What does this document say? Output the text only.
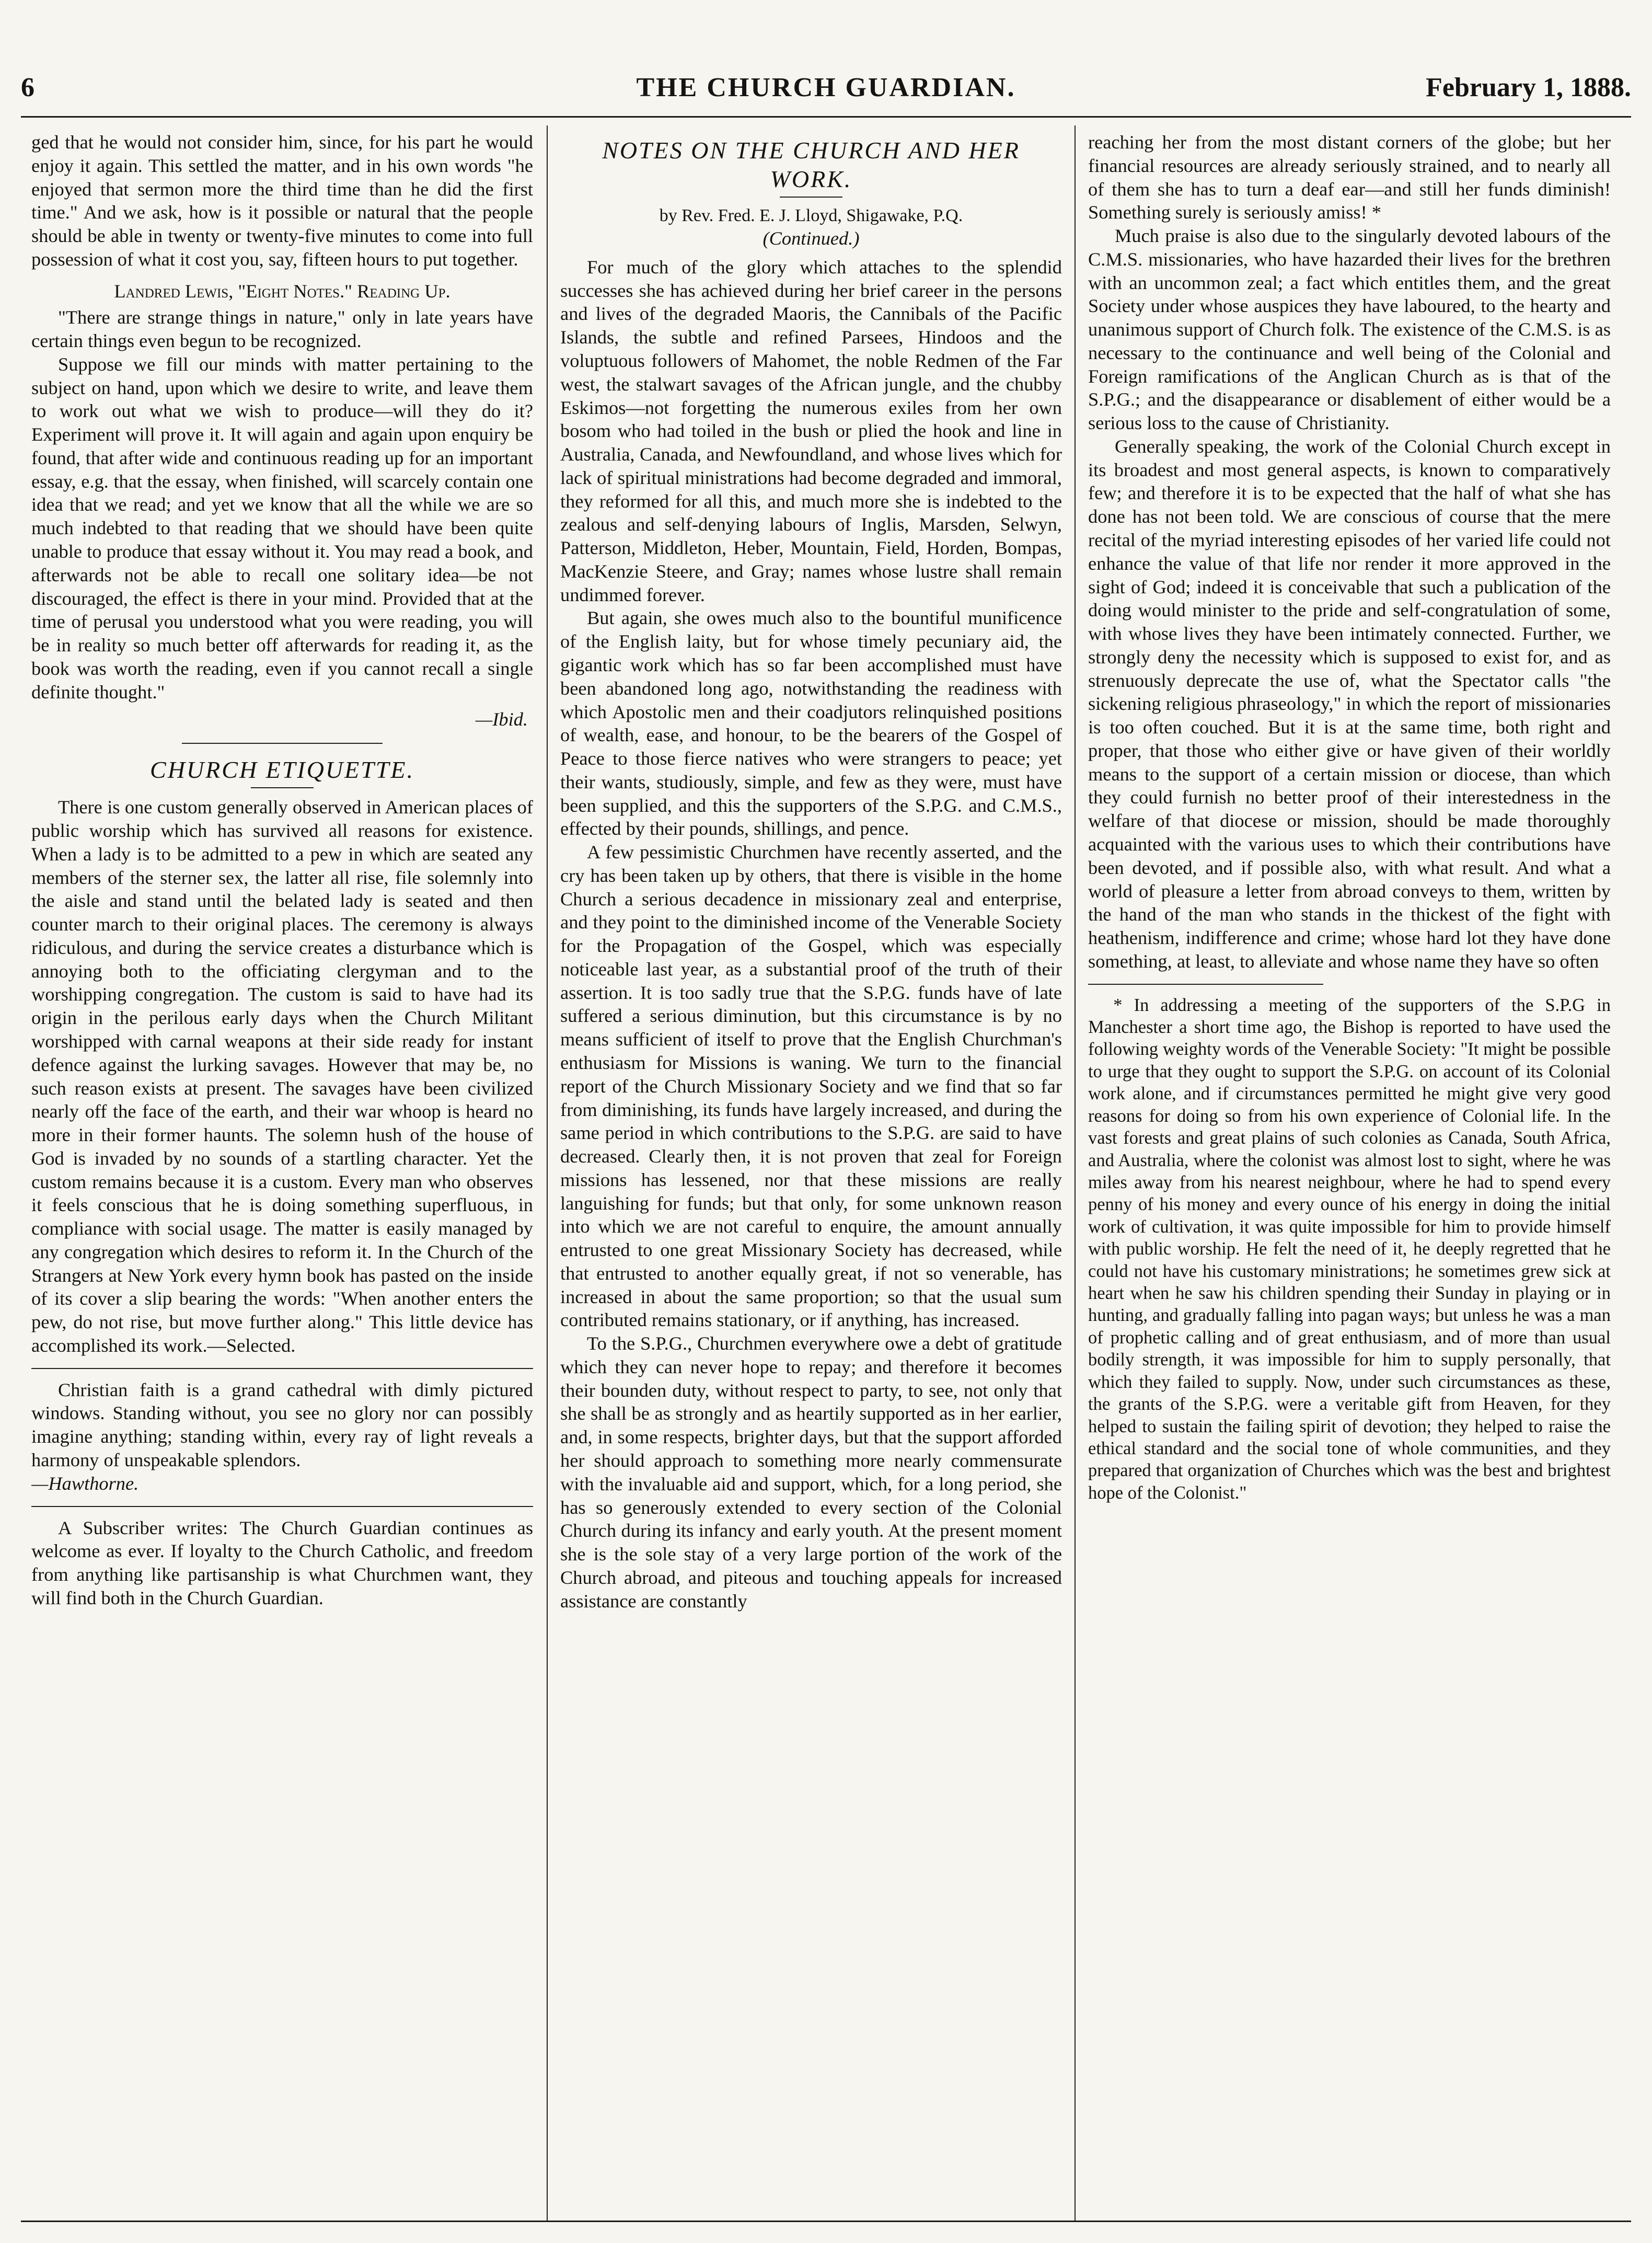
6	THE CHURCH GUARDIAN.	February 1, 1888.

ged that he would not consider him, since, for his part he would enjoy it again. This settled the matter, and in his own words "he enjoyed that sermon more the third time than he did the first time." And we ask, how is it possible or natural that the people should be able in twenty or twenty-five minutes to come into full possession of what it cost you, say, fifteen hours to put together.

Landred Lewis, "Eight Notes." Reading Up.

"There are strange things in nature," only in late years have certain things even begun to be recognized.

Suppose we fill our minds with matter pertaining to the subject on hand, upon which we desire to write, and leave them to work out what we wish to produce—will they do it? Experiment will prove it. It will again and again upon enquiry be found, that after wide and continuous reading up for an important essay, e.g. that the essay, when finished, will scarcely contain one idea that we read; and yet we know that all the while we are so much indebted to that reading that we should have been quite unable to produce that essay without it. You may read a book, and afterwards not be able to recall one solitary idea—be not discouraged, the effect is there in your mind. Provided that at the time of perusal you understood what you were reading, you will be in reality so much better off afterwards for reading it, as the book was worth the reading, even if you cannot recall a single definite thought."

—Ibid.
CHURCH ETIQUETTE.

There is one custom generally observed in American places of public worship which has survived all reasons for existence. When a lady is to be admitted to a pew in which are seated any members of the sterner sex, the latter all rise, file solemnly into the aisle and stand until the belated lady is seated and then counter march to their original places. The ceremony is always ridiculous, and during the service creates a disturbance which is annoying both to the officiating clergyman and to the worshipping congregation. The custom is said to have had its origin in the perilous early days when the Church Militant worshipped with carnal weapons at their side ready for instant defence against the lurking savages. However that may be, no such reason exists at present. The savages have been civilized nearly off the face of the earth, and their war whoop is heard no more in their former haunts. The solemn hush of the house of God is invaded by no sounds of a startling character. Yet the custom remains because it is a custom. Every man who observes it feels conscious that he is doing something superfluous, in compliance with social usage. The matter is easily managed by any congregation which desires to reform it. In the Church of the Strangers at New York every hymn book has pasted on the inside of its cover a slip bearing the words: "When another enters the pew, do not rise, but move further along." This little device has accomplished its work.—Selected.

Christian faith is a grand cathedral with dimly pictured windows. Standing without, you see no glory nor can possibly imagine anything; standing within, every ray of light reveals a harmony of unspeakable splendors.

—Hawthorne.

A Subscriber writes: The Church Guardian continues as welcome as ever. If loyalty to the Church Catholic, and freedom from anything like partisanship is what Churchmen want, they will find both in the Church Guardian.

NOTES ON THE CHURCH AND HER WORK.
by Rev. Fred. E. J. Lloyd, Shigawake, P.Q.
(Continued.)

For much of the glory which attaches to the splendid successes she has achieved during her brief career in the persons and lives of the degraded Maoris, the Cannibals of the Pacific Islands, the subtle and refined Parsees, Hindoos and the voluptuous followers of Mahomet, the noble Redmen of the Far west, the stalwart savages of the African jungle, and the chubby Eskimos—not forgetting the numerous exiles from her own bosom who had toiled in the bush or plied the hook and line in Australia, Canada, and Newfoundland, and whose lives which for lack of spiritual ministrations had become degraded and immoral, they reformed for all this, and much more she is indebted to the zealous and self-denying labours of Inglis, Marsden, Selwyn, Patterson, Middleton, Heber, Mountain, Field, Horden, Bompas, MacKenzie Steere, and Gray; names whose lustre shall remain undimmed forever.

But again, she owes much also to the bountiful munificence of the English laity, but for whose timely pecuniary aid, the gigantic work which has so far been accomplished must have been abandoned long ago, notwithstanding the readiness with which Apostolic men and their coadjutors relinquished positions of wealth, ease, and honour, to be the bearers of the Gospel of Peace to those fierce natives who were strangers to peace; yet their wants, studiously, simple, and few as they were, must have been supplied, and this the supporters of the S.P.G. and C.M.S., effected by their pounds, shillings, and pence.

A few pessimistic Churchmen have recently asserted, and the cry has been taken up by others, that there is visible in the home Church a serious decadence in missionary zeal and enterprise, and they point to the diminished income of the Venerable Society for the Propagation of the Gospel, which was especially noticeable last year, as a substantial proof of the truth of their assertion. It is too sadly true that the S.P.G. funds have of late suffered a serious diminution, but this circumstance is by no means sufficient of itself to prove that the English Churchman's enthusiasm for Missions is waning. We turn to the financial report of the Church Missionary Society and we find that so far from diminishing, its funds have largely increased, and during the same period in which contributions to the S.P.G. are said to have decreased. Clearly then, it is not proven that zeal for Foreign missions has lessened, nor that these missions are really languishing for funds; but that only, for some unknown reason into which we are not careful to enquire, the amount annually entrusted to one great Missionary Society has decreased, while that entrusted to another equally great, if not so venerable, has increased in about the same proportion; so that the usual sum contributed remains stationary, or if anything, has increased.

To the S.P.G., Churchmen everywhere owe a debt of gratitude which they can never hope to repay; and therefore it becomes their bounden duty, without respect to party, to see, not only that she shall be as strongly and as heartily supported as in her earlier, and, in some respects, brighter days, but that the support afforded her should approach to something more nearly commensurate with the invaluable aid and support, which, for a long period, she has so generously extended to every section of the Colonial Church during its infancy and early youth. At the present moment she is the sole stay of a very large portion of the work of the Church abroad, and piteous and touching appeals for increased assistance are constantly

reaching her from the most distant corners of the globe; but her financial resources are already seriously strained, and to nearly all of them she has to turn a deaf ear—and still her funds diminish! Something surely is seriously amiss! *

Much praise is also due to the singularly devoted labours of the C.M.S. missionaries, who have hazarded their lives for the brethren with an uncommon zeal; a fact which entitles them, and the great Society under whose auspices they have laboured, to the hearty and unanimous support of Church folk. The existence of the C.M.S. is as necessary to the continuance and well being of the Colonial and Foreign ramifications of the Anglican Church as is that of the S.P.G.; and the disappearance or disablement of either would be a serious loss to the cause of Christianity.

Generally speaking, the work of the Colonial Church except in its broadest and most general aspects, is known to comparatively few; and therefore it is to be expected that the half of what she has done has not been told. We are conscious of course that the mere recital of the myriad interesting episodes of her varied life could not enhance the value of that life nor render it more approved in the sight of God; indeed it is conceivable that such a publication of the doing would minister to the pride and self-congratulation of some, with whose lives they have been intimately connected. Further, we strongly deny the necessity which is supposed to exist for, and as strenuously deprecate the use of, what the Spectator calls "the sickening religious phraseology," in which the report of missionaries is too often couched. But it is at the same time, both right and proper, that those who either give or have given of their worldly means to the support of a certain mission or diocese, than which they could furnish no better proof of their interestedness in the welfare of that diocese or mission, should be made thoroughly acquainted with the various uses to which their contributions have been devoted, and if possible also, with what result. And what a world of pleasure a letter from abroad conveys to them, written by the hand of the man who stands in the thickest of the fight with heathenism, indifference and crime; whose hard lot they have done something, at least, to alleviate and whose name they have so often

* In addressing a meeting of the supporters of the S.P.G in Manchester a short time ago, the Bishop is reported to have used the following weighty words of the Venerable Society: "It might be possible to urge that they ought to support the S.P.G. on account of its Colonial work alone, and if circumstances permitted he might give very good reasons for doing so from his own experience of Colonial life. In the vast forests and great plains of such colonies as Canada, South Africa, and Australia, where the colonist was almost lost to sight, where he was miles away from his nearest neighbour, where he had to spend every penny of his money and every ounce of his energy in doing the initial work of cultivation, it was quite impossible for him to provide himself with public worship. He felt the need of it, he deeply regretted that he could not have his customary ministrations; he sometimes grew sick at heart when he saw his children spending their Sunday in playing or in hunting, and gradually falling into pagan ways; but unless he was a man of prophetic calling and of great enthusiasm, and of more than usual bodily strength, it was impossible for him to supply personally, that which they failed to supply. Now, under such circumstances as these, the grants of the S.P.G. were a veritable gift from Heaven, for they helped to sustain the failing spirit of devotion; they helped to raise the ethical standard and the social tone of whole communities, and they prepared that organization of Churches which was the best and brightest hope of the Colonist."
